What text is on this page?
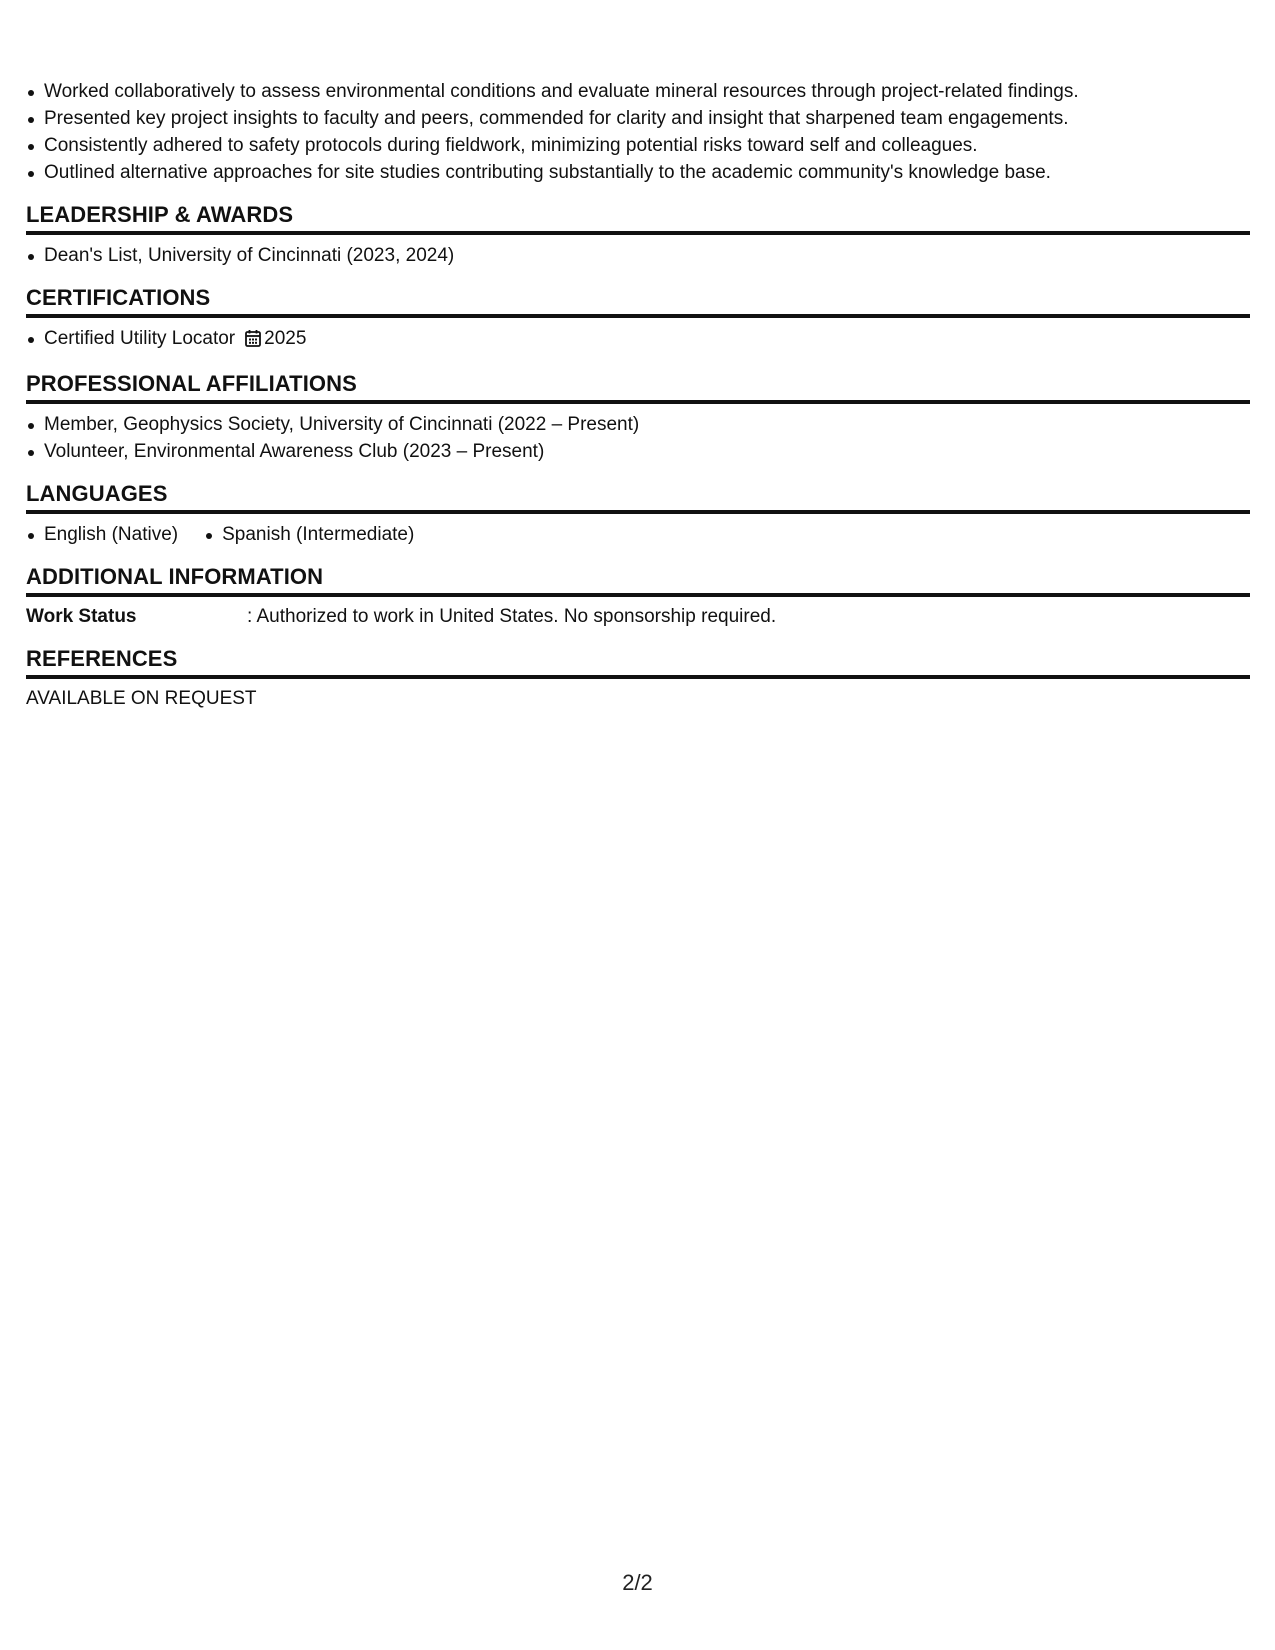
Worked collaboratively to assess environmental conditions and evaluate mineral resources through project-related findings.
Presented key project insights to faculty and peers, commended for clarity and insight that sharpened team engagements.
Consistently adhered to safety protocols during fieldwork, minimizing potential risks toward self and colleagues.
Outlined alternative approaches for site studies contributing substantially to the academic community's knowledge base.
LEADERSHIP & AWARDS
Dean's List, University of Cincinnati (2023, 2024)
CERTIFICATIONS
Certified Utility Locator 2025
PROFESSIONAL AFFILIATIONS
Member, Geophysics Society, University of Cincinnati (2022 – Present)
Volunteer, Environmental Awareness Club (2023 – Present)
LANGUAGES
English (Native)	Spanish (Intermediate)
ADDITIONAL INFORMATION
Work Status	: Authorized to work in United States. No sponsorship required.
REFERENCES
AVAILABLE ON REQUEST
2/2
